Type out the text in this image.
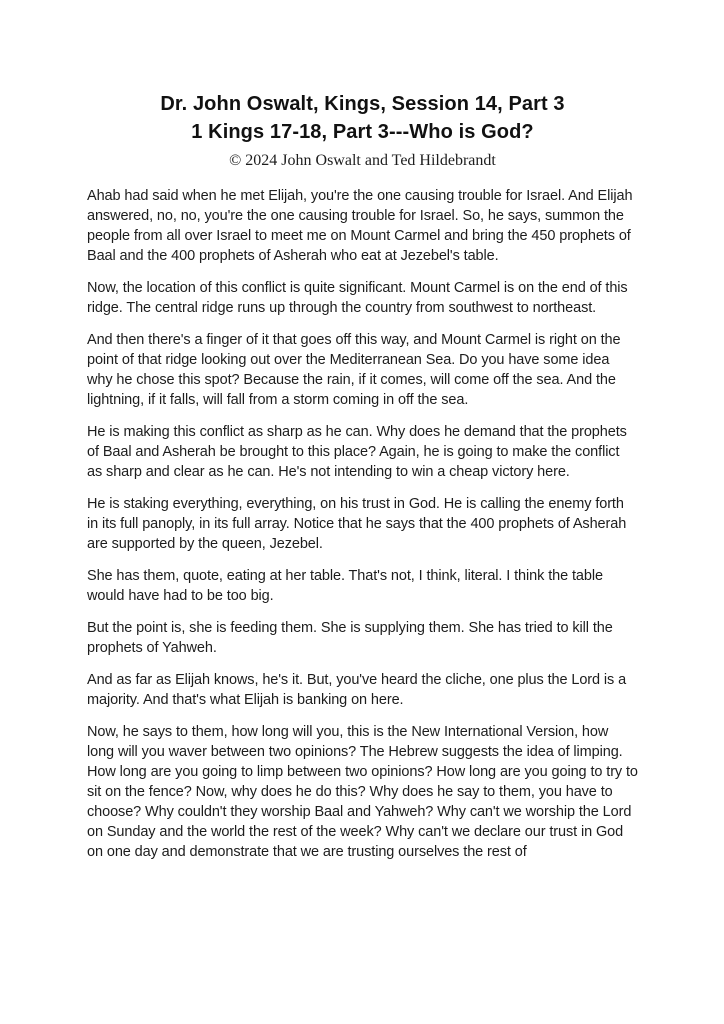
Dr. John Oswalt, Kings, Session 14, Part 3
1 Kings 17-18, Part 3---Who is God?
© 2024 John Oswalt and Ted Hildebrandt

Ahab had said when he met Elijah, you're the one causing trouble for Israel. And Elijah answered, no, no, you're the one causing trouble for Israel. So, he says, summon the people from all over Israel to meet me on Mount Carmel and bring the 450 prophets of Baal and the 400 prophets of Asherah who eat at Jezebel's table.

Now, the location of this conflict is quite significant. Mount Carmel is on the end of this ridge. The central ridge runs up through the country from southwest to northeast.

And then there's a finger of it that goes off this way, and Mount Carmel is right on the point of that ridge looking out over the Mediterranean Sea. Do you have some idea why he chose this spot? Because the rain, if it comes, will come off the sea. And the lightning, if it falls, will fall from a storm coming in off the sea.

He is making this conflict as sharp as he can. Why does he demand that the prophets of Baal and Asherah be brought to this place? Again, he is going to make the conflict as sharp and clear as he can. He's not intending to win a cheap victory here.

He is staking everything, everything, on his trust in God. He is calling the enemy forth in its full panoply, in its full array. Notice that he says that the 400 prophets of Asherah are supported by the queen, Jezebel.

She has them, quote, eating at her table. That's not, I think, literal. I think the table would have had to be too big.

But the point is, she is feeding them. She is supplying them. She has tried to kill the prophets of Yahweh.

And as far as Elijah knows, he's it. But, you've heard the cliche, one plus the Lord is a majority. And that's what Elijah is banking on here.

Now, he says to them, how long will you, this is the New International Version, how long will you waver between two opinions? The Hebrew suggests the idea of limping. How long are you going to limp between two opinions? How long are you going to try to sit on the fence? Now, why does he do this? Why does he say to them, you have to choose? Why couldn't they worship Baal and Yahweh? Why can't we worship the Lord on Sunday and the world the rest of the week? Why can't we declare our trust in God on one day and demonstrate that we are trusting ourselves the rest of
